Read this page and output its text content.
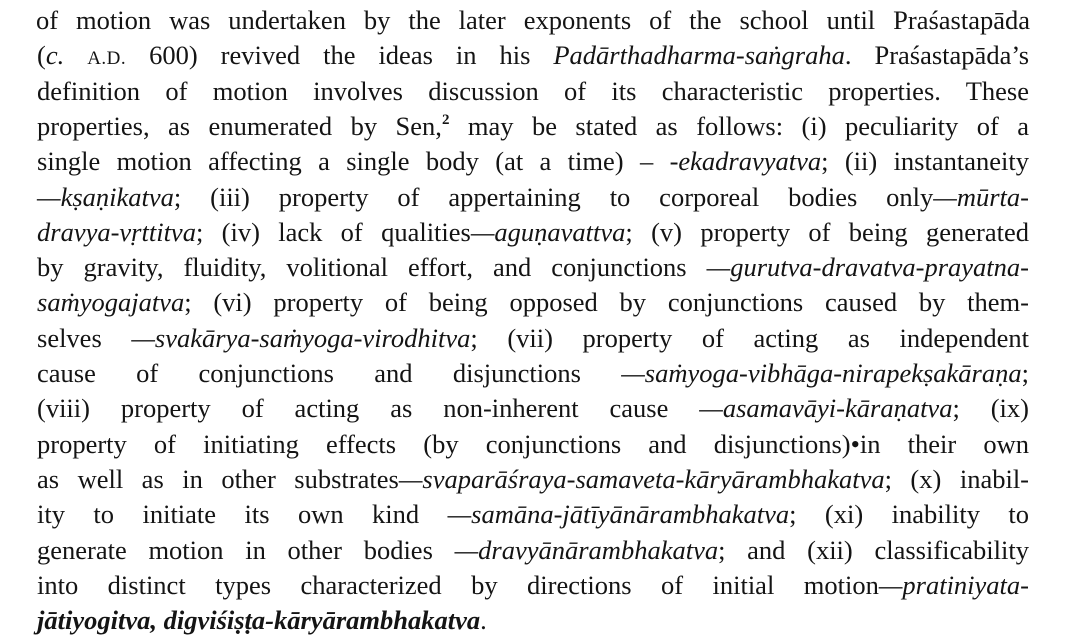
of motion was undertaken by the later exponents of the school until Praśastapāda
(c. A.D. 600) revived the ideas in his Padārthadharma-saṅgraha. Praśastapāda’s
definition of motion involves discussion of its characteristic properties. These
properties, as enumerated by Sen,$^2$ may be stated as follows: (i) peculiarity of a
single motion affecting a single body (at a time) – -ekadravyatva; (ii) instantaneity
—kṣaṇikatva; (iii) property of appertaining to corporeal bodies only—mūrta-
dravya-vṛttitva; (iv) lack of qualities—aguṇavattva; (v) property of being generated
by gravity, fluidity, volitional effort, and conjunctions —gurutva-dravatva-prayatna-
saṁyogajatva; (vi) property of being opposed by conjunctions caused by them-
selves —svakārya-saṁyoga-virodhitva; (vii) property of acting as independent
cause of conjunctions and disjunctions —saṁyoga-vibhāga-nirapekṣakāraṇa;
(viii) property of acting as non-inherent cause —asamavāyi-kāraṇatva; (ix)
property of initiating effects (by conjunctions and disjunctions)•in their own
as well as in other substrates—svaparāśraya-samaveta-kāryārambhakatva; (x) inabil-
ity to initiate its own kind —samāna-jātīyānārambhakatva; (xi) inability to
generate motion in other bodies —dravyānārambhakatva; and (xii) classificability
into distinct types characterized by directions of initial motion—pratiniyata-
jātiyogitva, digviśiṣṭa-kāryārambhakatva.
